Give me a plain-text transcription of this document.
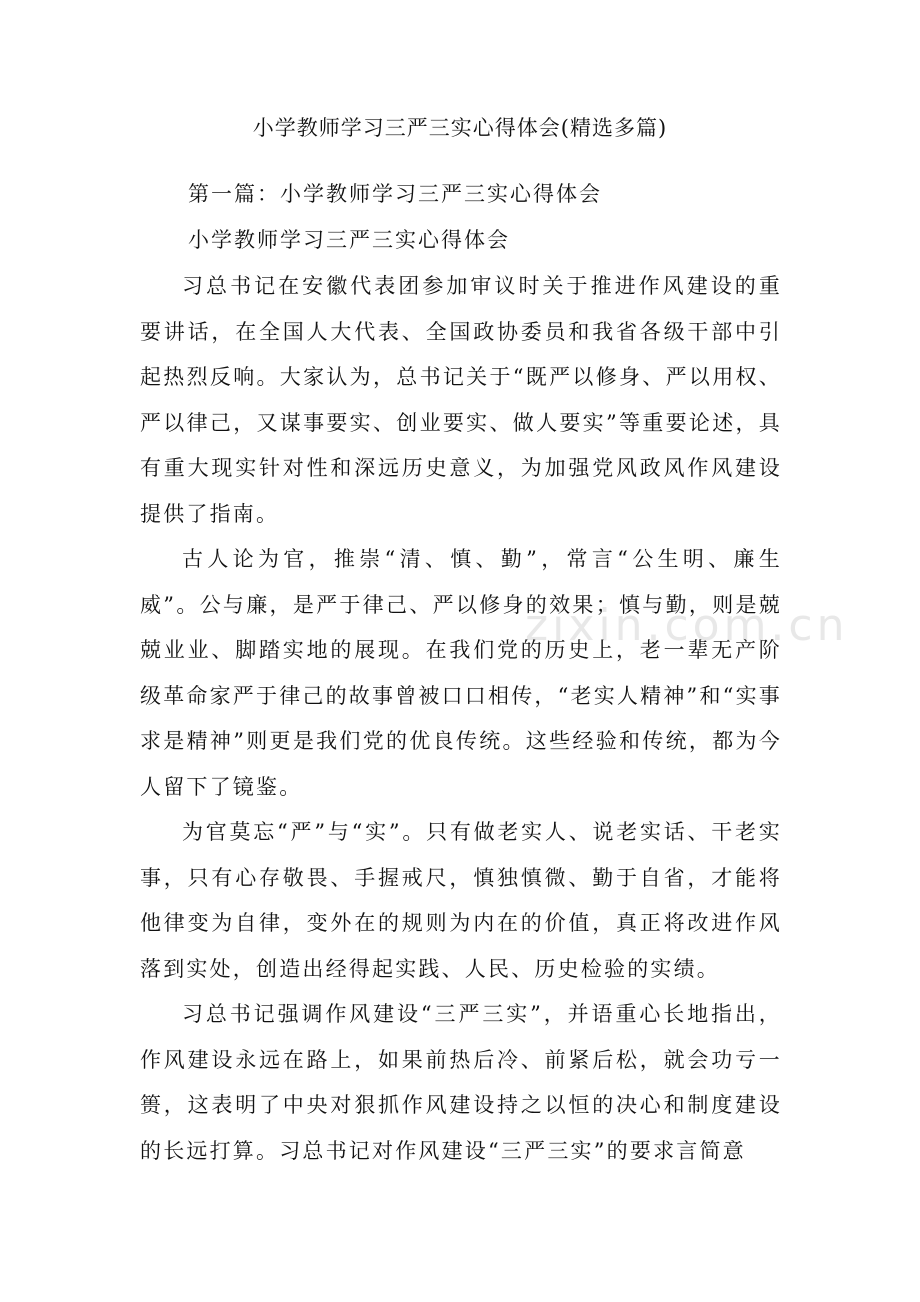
zixin.com.cn
小学教师学习三严三实心得体会(精选多篇)
第一篇：小学教师学习三严三实心得体会
小学教师学习三严三实心得体会

习总书记在安徽代表团参加审议时关于推进作风建设的重要讲话，在全国人大代表、全国政协委员和我省各级干部中引起热烈反响。大家认为，总书记关于“既严以修身、严以用权、严以律己，又谋事要实、创业要实、做人要实”等重要论述，具有重大现实针对性和深远历史意义，为加强党风政风作风建设提供了指南。

古人论为官，推崇“清、慎、勤”，常言“公生明、廉生威”。公与廉，是严于律己、严以修身的效果；慎与勤，则是兢兢业业、脚踏实地的展现。在我们党的历史上，老一辈无产阶级革命家严于律己的故事曾被口口相传，“老实人精神”和“实事求是精神”则更是我们党的优良传统。这些经验和传统，都为今人留下了镜鉴。

为官莫忘“严”与“实”。只有做老实人、说老实话、干老实事，只有心存敬畏、手握戒尺，慎独慎微、勤于自省，才能将他律变为自律，变外在的规则为内在的价值，真正将改进作风落到实处，创造出经得起实践、人民、历史检验的实绩。

习总书记强调作风建设“三严三实”，并语重心长地指出，作风建设永远在路上，如果前热后冷、前紧后松，就会功亏一篑，这表明了中央对狠抓作风建设持之以恒的决心和制度建设的长远打算。习总书记对作风建设“三严三实”的要求言简意
